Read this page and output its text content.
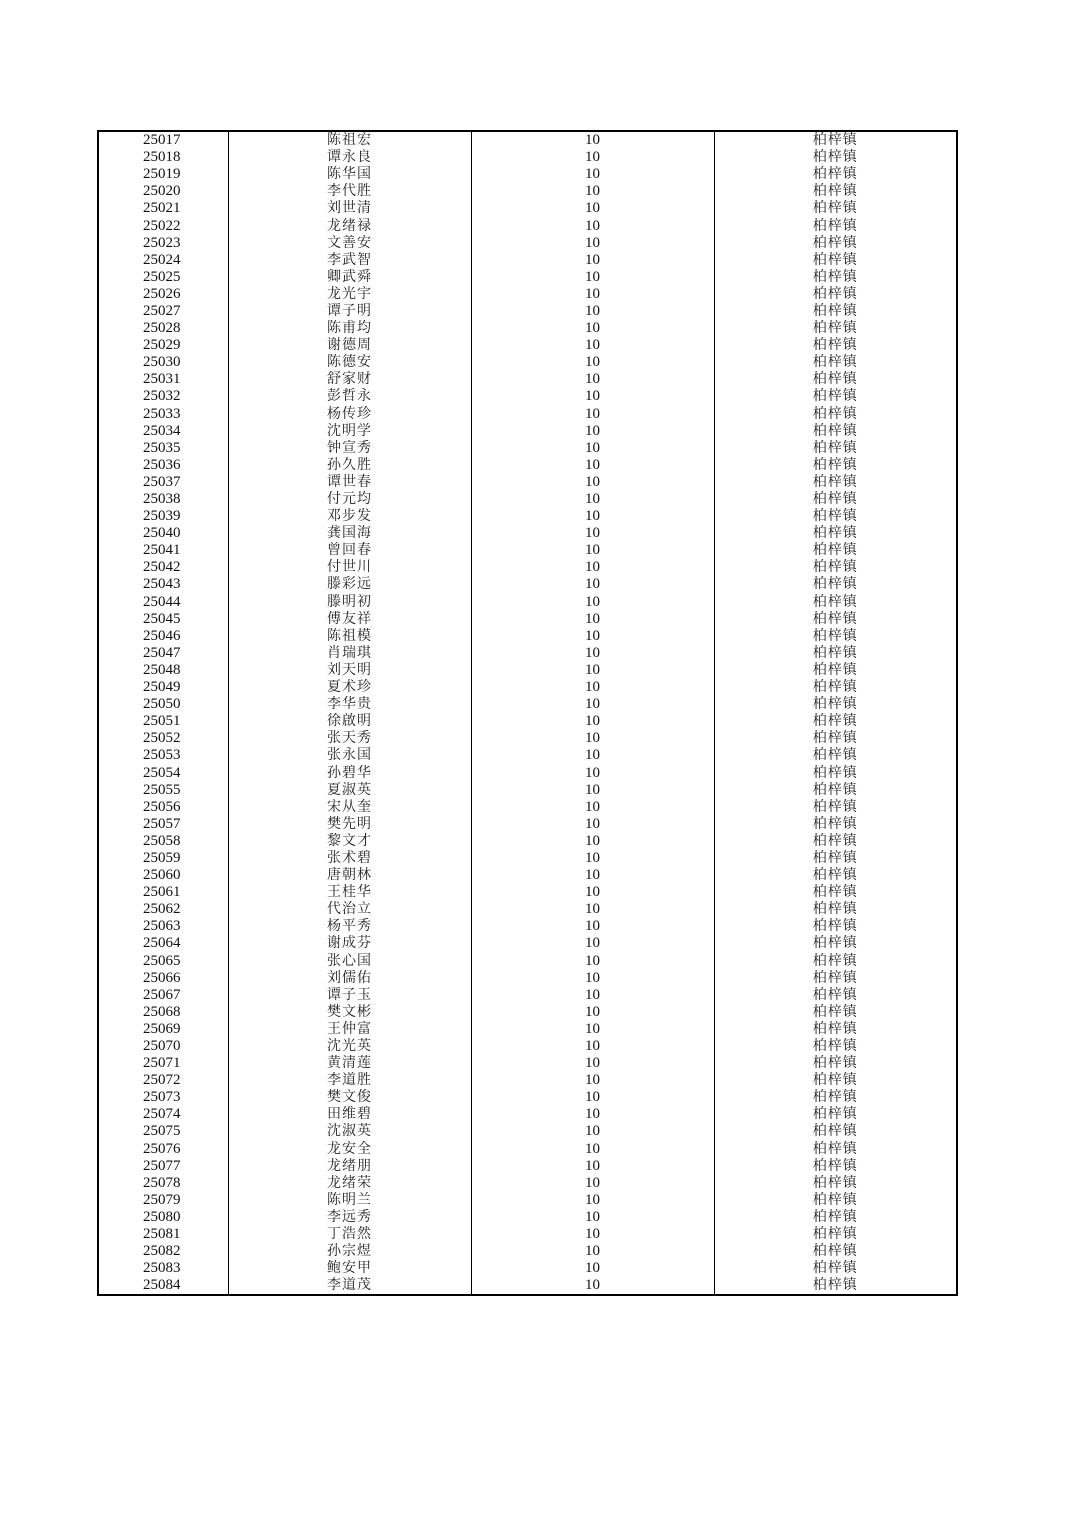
25017	陈祖宏	10	柏梓镇
25018	谭永良	10	柏梓镇
25019	陈华国	10	柏梓镇
25020	李代胜	10	柏梓镇
25021	刘世清	10	柏梓镇
25022	龙绪禄	10	柏梓镇
25023	文善安	10	柏梓镇
25024	李武智	10	柏梓镇
25025	卿武舜	10	柏梓镇
25026	龙光宇	10	柏梓镇
25027	谭子明	10	柏梓镇
25028	陈甫均	10	柏梓镇
25029	谢德周	10	柏梓镇
25030	陈德安	10	柏梓镇
25031	舒家财	10	柏梓镇
25032	彭哲永	10	柏梓镇
25033	杨传珍	10	柏梓镇
25034	沈明学	10	柏梓镇
25035	钟宣秀	10	柏梓镇
25036	孙久胜	10	柏梓镇
25037	谭世春	10	柏梓镇
25038	付元均	10	柏梓镇
25039	邓步发	10	柏梓镇
25040	龚国海	10	柏梓镇
25041	曾回春	10	柏梓镇
25042	付世川	10	柏梓镇
25043	滕彩远	10	柏梓镇
25044	滕明初	10	柏梓镇
25045	傅友祥	10	柏梓镇
25046	陈祖模	10	柏梓镇
25047	肖瑞琪	10	柏梓镇
25048	刘天明	10	柏梓镇
25049	夏术珍	10	柏梓镇
25050	李华贵	10	柏梓镇
25051	徐啟明	10	柏梓镇
25052	张天秀	10	柏梓镇
25053	张永国	10	柏梓镇
25054	孙碧华	10	柏梓镇
25055	夏淑英	10	柏梓镇
25056	宋从奎	10	柏梓镇
25057	樊先明	10	柏梓镇
25058	黎文才	10	柏梓镇
25059	张术碧	10	柏梓镇
25060	唐朝林	10	柏梓镇
25061	王桂华	10	柏梓镇
25062	代治立	10	柏梓镇
25063	杨平秀	10	柏梓镇
25064	谢成芬	10	柏梓镇
25065	张心国	10	柏梓镇
25066	刘儒佑	10	柏梓镇
25067	谭子玉	10	柏梓镇
25068	樊文彬	10	柏梓镇
25069	王仲富	10	柏梓镇
25070	沈光英	10	柏梓镇
25071	黄清莲	10	柏梓镇
25072	李道胜	10	柏梓镇
25073	樊文俊	10	柏梓镇
25074	田维碧	10	柏梓镇
25075	沈淑英	10	柏梓镇
25076	龙安全	10	柏梓镇
25077	龙绪朋	10	柏梓镇
25078	龙绪荣	10	柏梓镇
25079	陈明兰	10	柏梓镇
25080	李远秀	10	柏梓镇
25081	丁浩然	10	柏梓镇
25082	孙宗煜	10	柏梓镇
25083	鲍安甲	10	柏梓镇
25084	李道茂	10	柏梓镇
